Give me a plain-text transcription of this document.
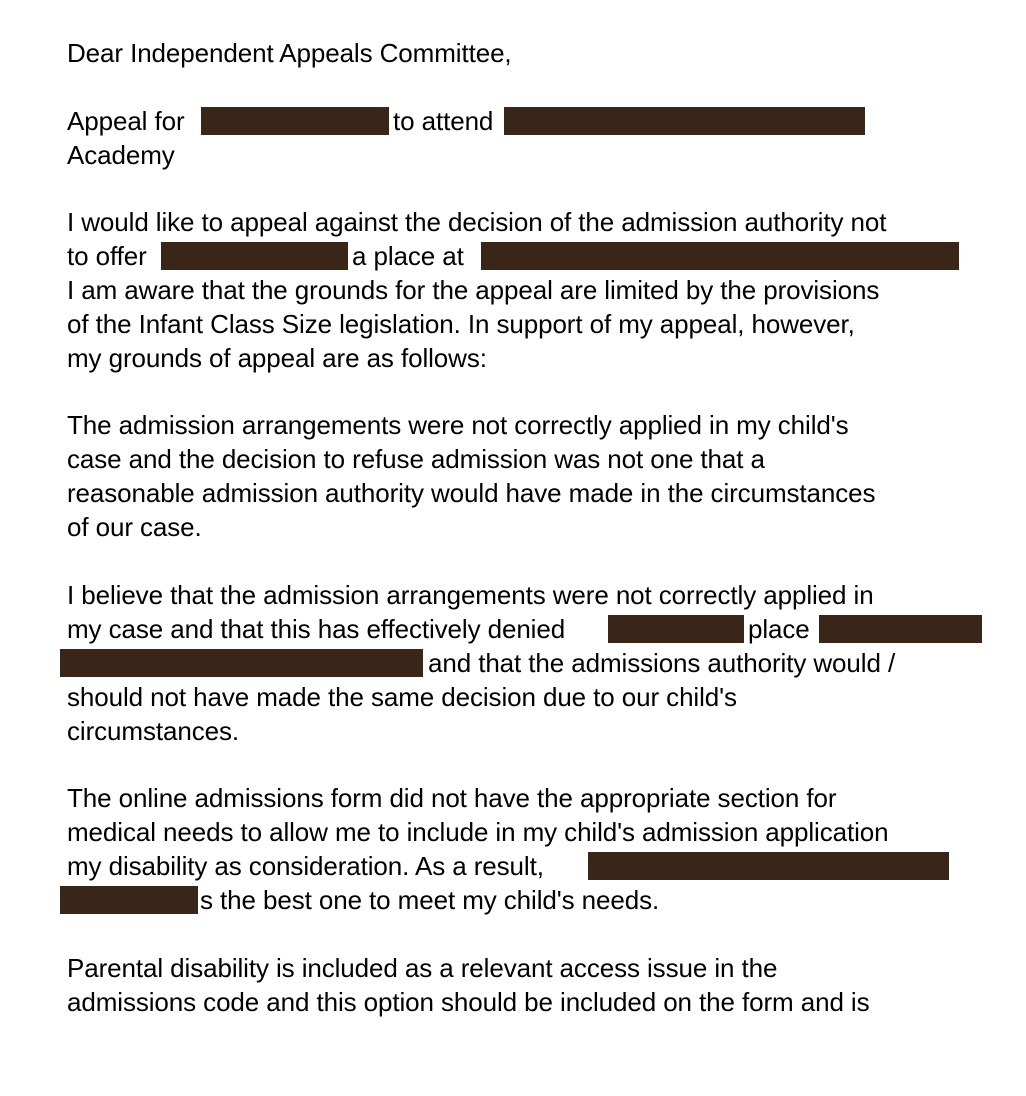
Dear Independent Appeals Committee,
Appeal for	to attend
Academy
I would like to appeal against the decision of the admission authority not
to offer	a place at
I am aware that the grounds for the appeal are limited by the provisions
of the Infant Class Size legislation. In support of my appeal, however,
my grounds of appeal are as follows:
The admission arrangements were not correctly applied in my child's
case and the decision to refuse admission was not one that a
reasonable admission authority would have made in the circumstances
of our case.
I believe that the admission arrangements were not correctly applied in
my case and that this has effectively denied	place
and that the admissions authority would /
should not have made the same decision due to our child's
circumstances.
The online admissions form did not have the appropriate section for
medical needs to allow me to include in my child's admission application
my disability as consideration. As a result,
s the best one to meet my child's needs.
Parental disability is included as a relevant access issue in the
admissions code and this option should be included on the form and is
